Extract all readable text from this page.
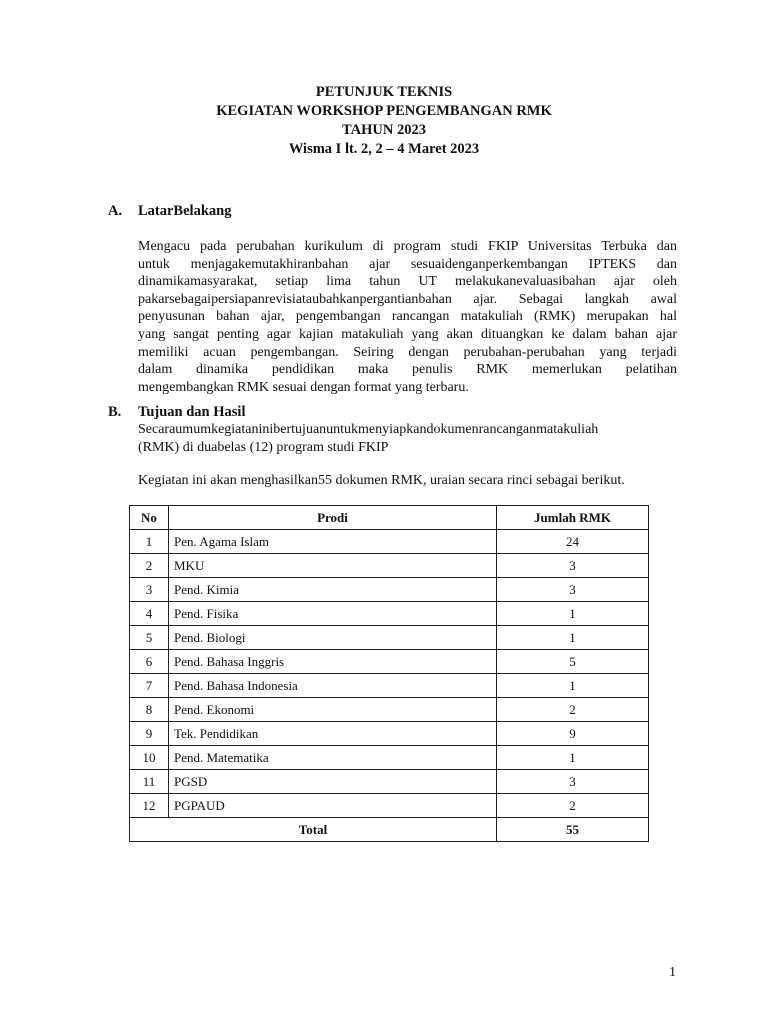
PETUNJUK TEKNIS
KEGIATAN WORKSHOP PENGEMBANGAN RMK
TAHUN 2023
Wisma I lt. 2, 2 – 4 Maret 2023
A. LatarBelakang
Mengacu pada perubahan kurikulum di program studi FKIP Universitas Terbuka dan
untuk menjagakemutakhiranbahan ajar sesuaidenganperkembangan IPTEKS dan
dinamikamasyarakat, setiap lima tahun UT melakukanevaluasibahan ajar oleh
pakarsebagaipersiapanrevisiataubahkanpergantianbahan ajar. Sebagai langkah awal
penyusunan bahan ajar, pengembangan rancangan matakuliah (RMK) merupakan hal
yang sangat penting agar kajian matakuliah yang akan dituangkan ke dalam bahan ajar
memiliki acuan pengembangan. Seiring dengan perubahan-perubahan yang terjadi
dalam dinamika pendidikan maka penulis RMK memerlukan pelatihan
mengembangkan RMK sesuai dengan format yang terbaru.
B. Tujuan dan Hasil
Secaraumumkegiataninibertujuanuntukmenyiapkandokumenrancanganmatakuliah
(RMK) di duabelas (12) program studi FKIP
Kegiatan ini akan menghasilkan55 dokumen RMK, uraian secara rinci sebagai berikut.
No	Prodi	Jumlah RMK
1	Pen. Agama Islam	24
2	MKU	3
3	Pend. Kimia	3
4	Pend. Fisika	1
5	Pend. Biologi	1
6	Pend. Bahasa Inggris	5
7	Pend. Bahasa Indonesia	1
8	Pend. Ekonomi	2
9	Tek. Pendidikan	9
10	Pend. Matematika	1
11	PGSD	3
12	PGPAUD	2
Total		55
1
